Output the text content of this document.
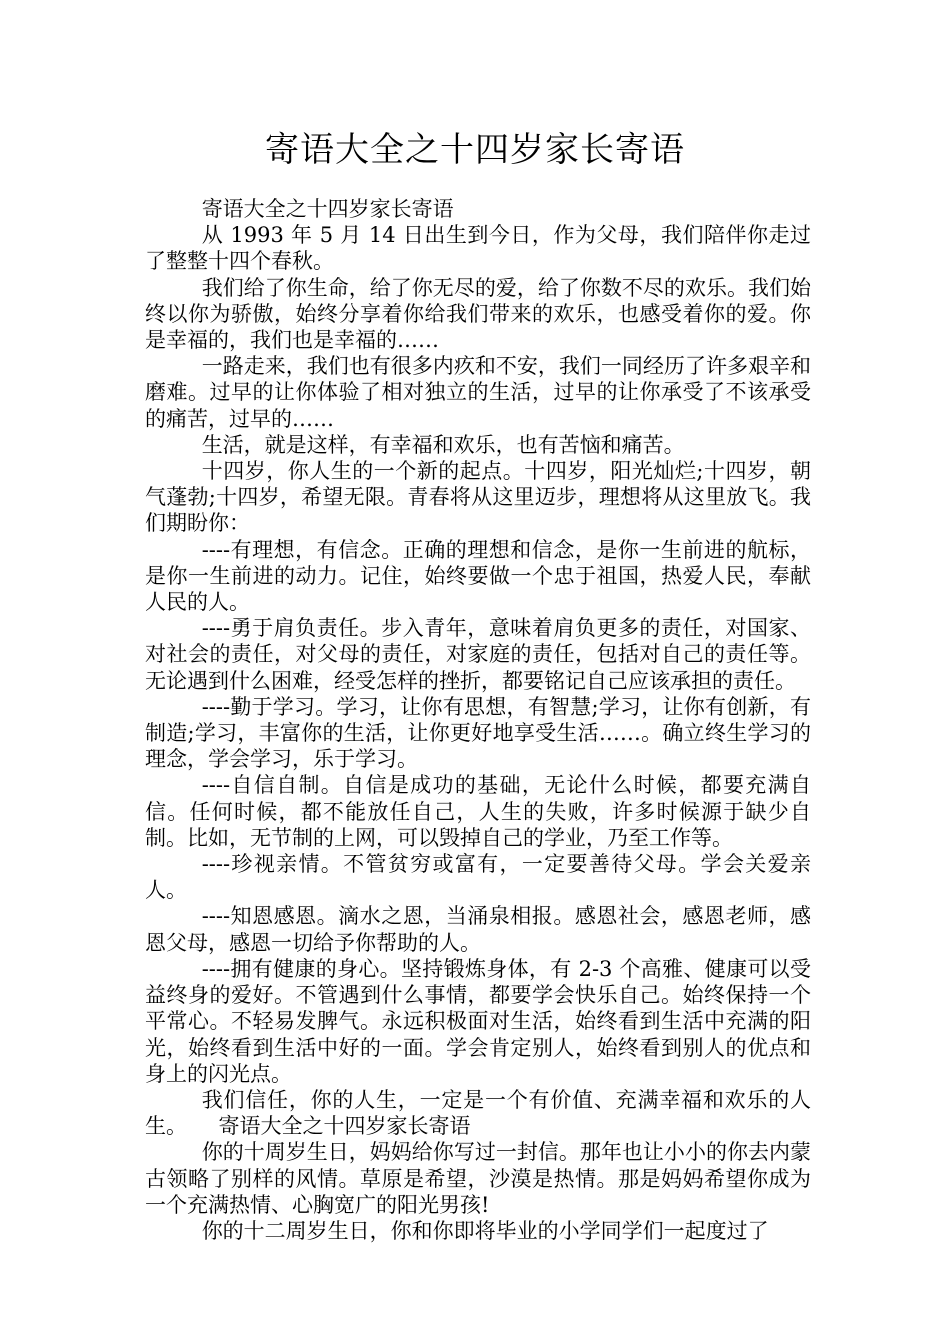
寄语大全之十四岁家长寄语

寄语大全之十四岁家长寄语

从 1993 年 5 月 14 日出生到今日，作为父母，我们陪伴你走过了整整十四个春秋。

我们给了你生命，给了你无尽的爱，给了你数不尽的欢乐。我们始终以你为骄傲，始终分享着你给我们带来的欢乐，也感受着你的爱。你是幸福的，我们也是幸福的……

一路走来，我们也有很多内疚和不安，我们一同经历了许多艰辛和磨难。过早的让你体验了相对独立的生活，过早的让你承受了不该承受的痛苦，过早的……

生活，就是这样，有幸福和欢乐，也有苦恼和痛苦。

十四岁，你人生的一个新的起点。十四岁，阳光灿烂;十四岁，朝气蓬勃;十四岁，希望无限。青春将从这里迈步，理想将从这里放飞。我们期盼你：

----有理想，有信念。正确的理想和信念，是你一生前进的航标，是你一生前进的动力。记住，始终要做一个忠于祖国，热爱人民，奉献人民的人。

----勇于肩负责任。步入青年，意味着肩负更多的责任，对国家、对社会的责任，对父母的责任，对家庭的责任，包括对自己的责任等。无论遇到什么困难，经受怎样的挫折，都要铭记自己应该承担的责任。

----勤于学习。学习，让你有思想，有智慧;学习，让你有创新，有制造;学习，丰富你的生活，让你更好地享受生活……。确立终生学习的理念，学会学习，乐于学习。

----自信自制。自信是成功的基础，无论什么时候，都要充满自信。任何时候，都不能放任自己，人生的失败，许多时候源于缺少自制。比如，无节制的上网，可以毁掉自己的学业，乃至工作等。

----珍视亲情。不管贫穷或富有，一定要善待父母。学会关爱亲人。

----知恩感恩。滴水之恩，当涌泉相报。感恩社会，感恩老师，感恩父母，感恩一切给予你帮助的人。

----拥有健康的身心。坚持锻炼身体，有 2-3 个高雅、健康可以受益终身的爱好。不管遇到什么事情，都要学会快乐自己。始终保持一个平常心。不轻易发脾气。永远积极面对生活，始终看到生活中充满的阳光，始终看到生活中好的一面。学会肯定别人，始终看到别人的优点和身上的闪光点。

我们信任，你的人生，一定是一个有价值、充满幸福和欢乐的人生。　　寄语大全之十四岁家长寄语

你的十周岁生日，妈妈给你写过一封信。那年也让小小的你去内蒙古领略了别样的风情。草原是希望，沙漠是热情。那是妈妈希望你成为一个充满热情、心胸宽广的阳光男孩!

你的十二周岁生日，你和你即将毕业的小学同学们一起度过了
